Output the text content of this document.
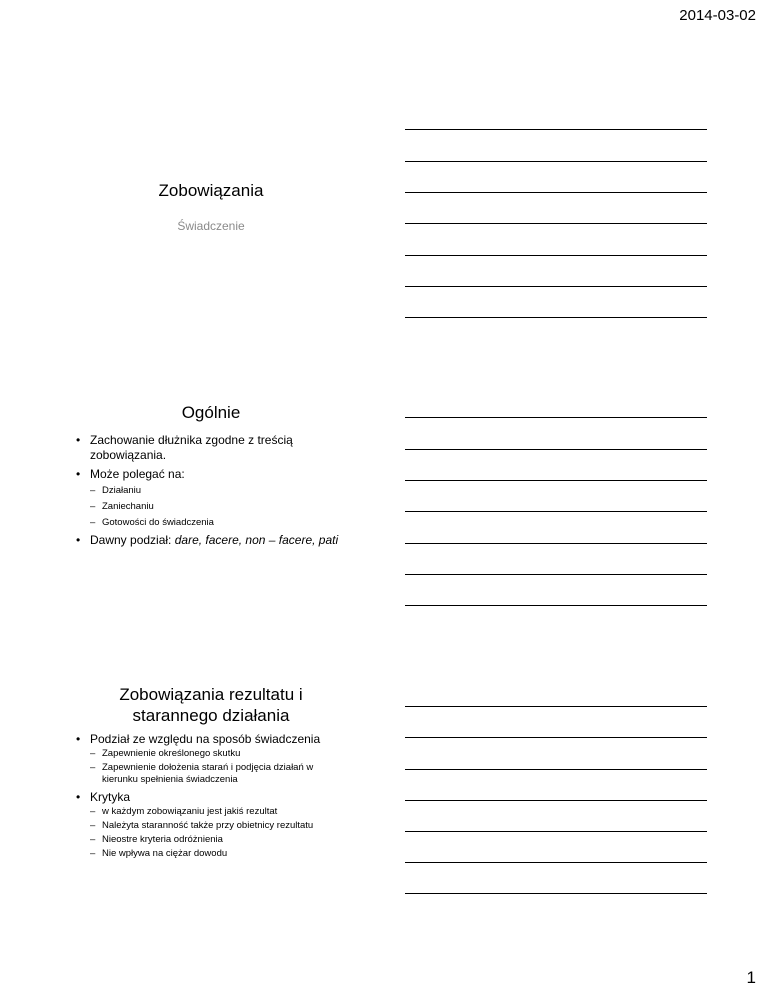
2014-03-02
Zobowiązania
Świadczenie
Ogólnie
• Zachowanie dłużnika zgodne z treścią zobowiązania.
• Może polegać na:
– Działaniu
– Zaniechaniu
– Gotowości do świadczenia
• Dawny podział: dare, facere, non – facere, pati
Zobowiązania rezultatu i starannego działania
• Podział ze względu na sposób świadczenia
– Zapewnienie określonego skutku
– Zapewnienie dołożenia starań i podjęcia działań w kierunku spełnienia świadczenia
• Krytyka
– w każdym zobowiązaniu jest jakiś rezultat
– Należyta staranność także przy obietnicy rezultatu
– Nieostre kryteria odróżnienia
– Nie wpływa na ciężar dowodu
1
